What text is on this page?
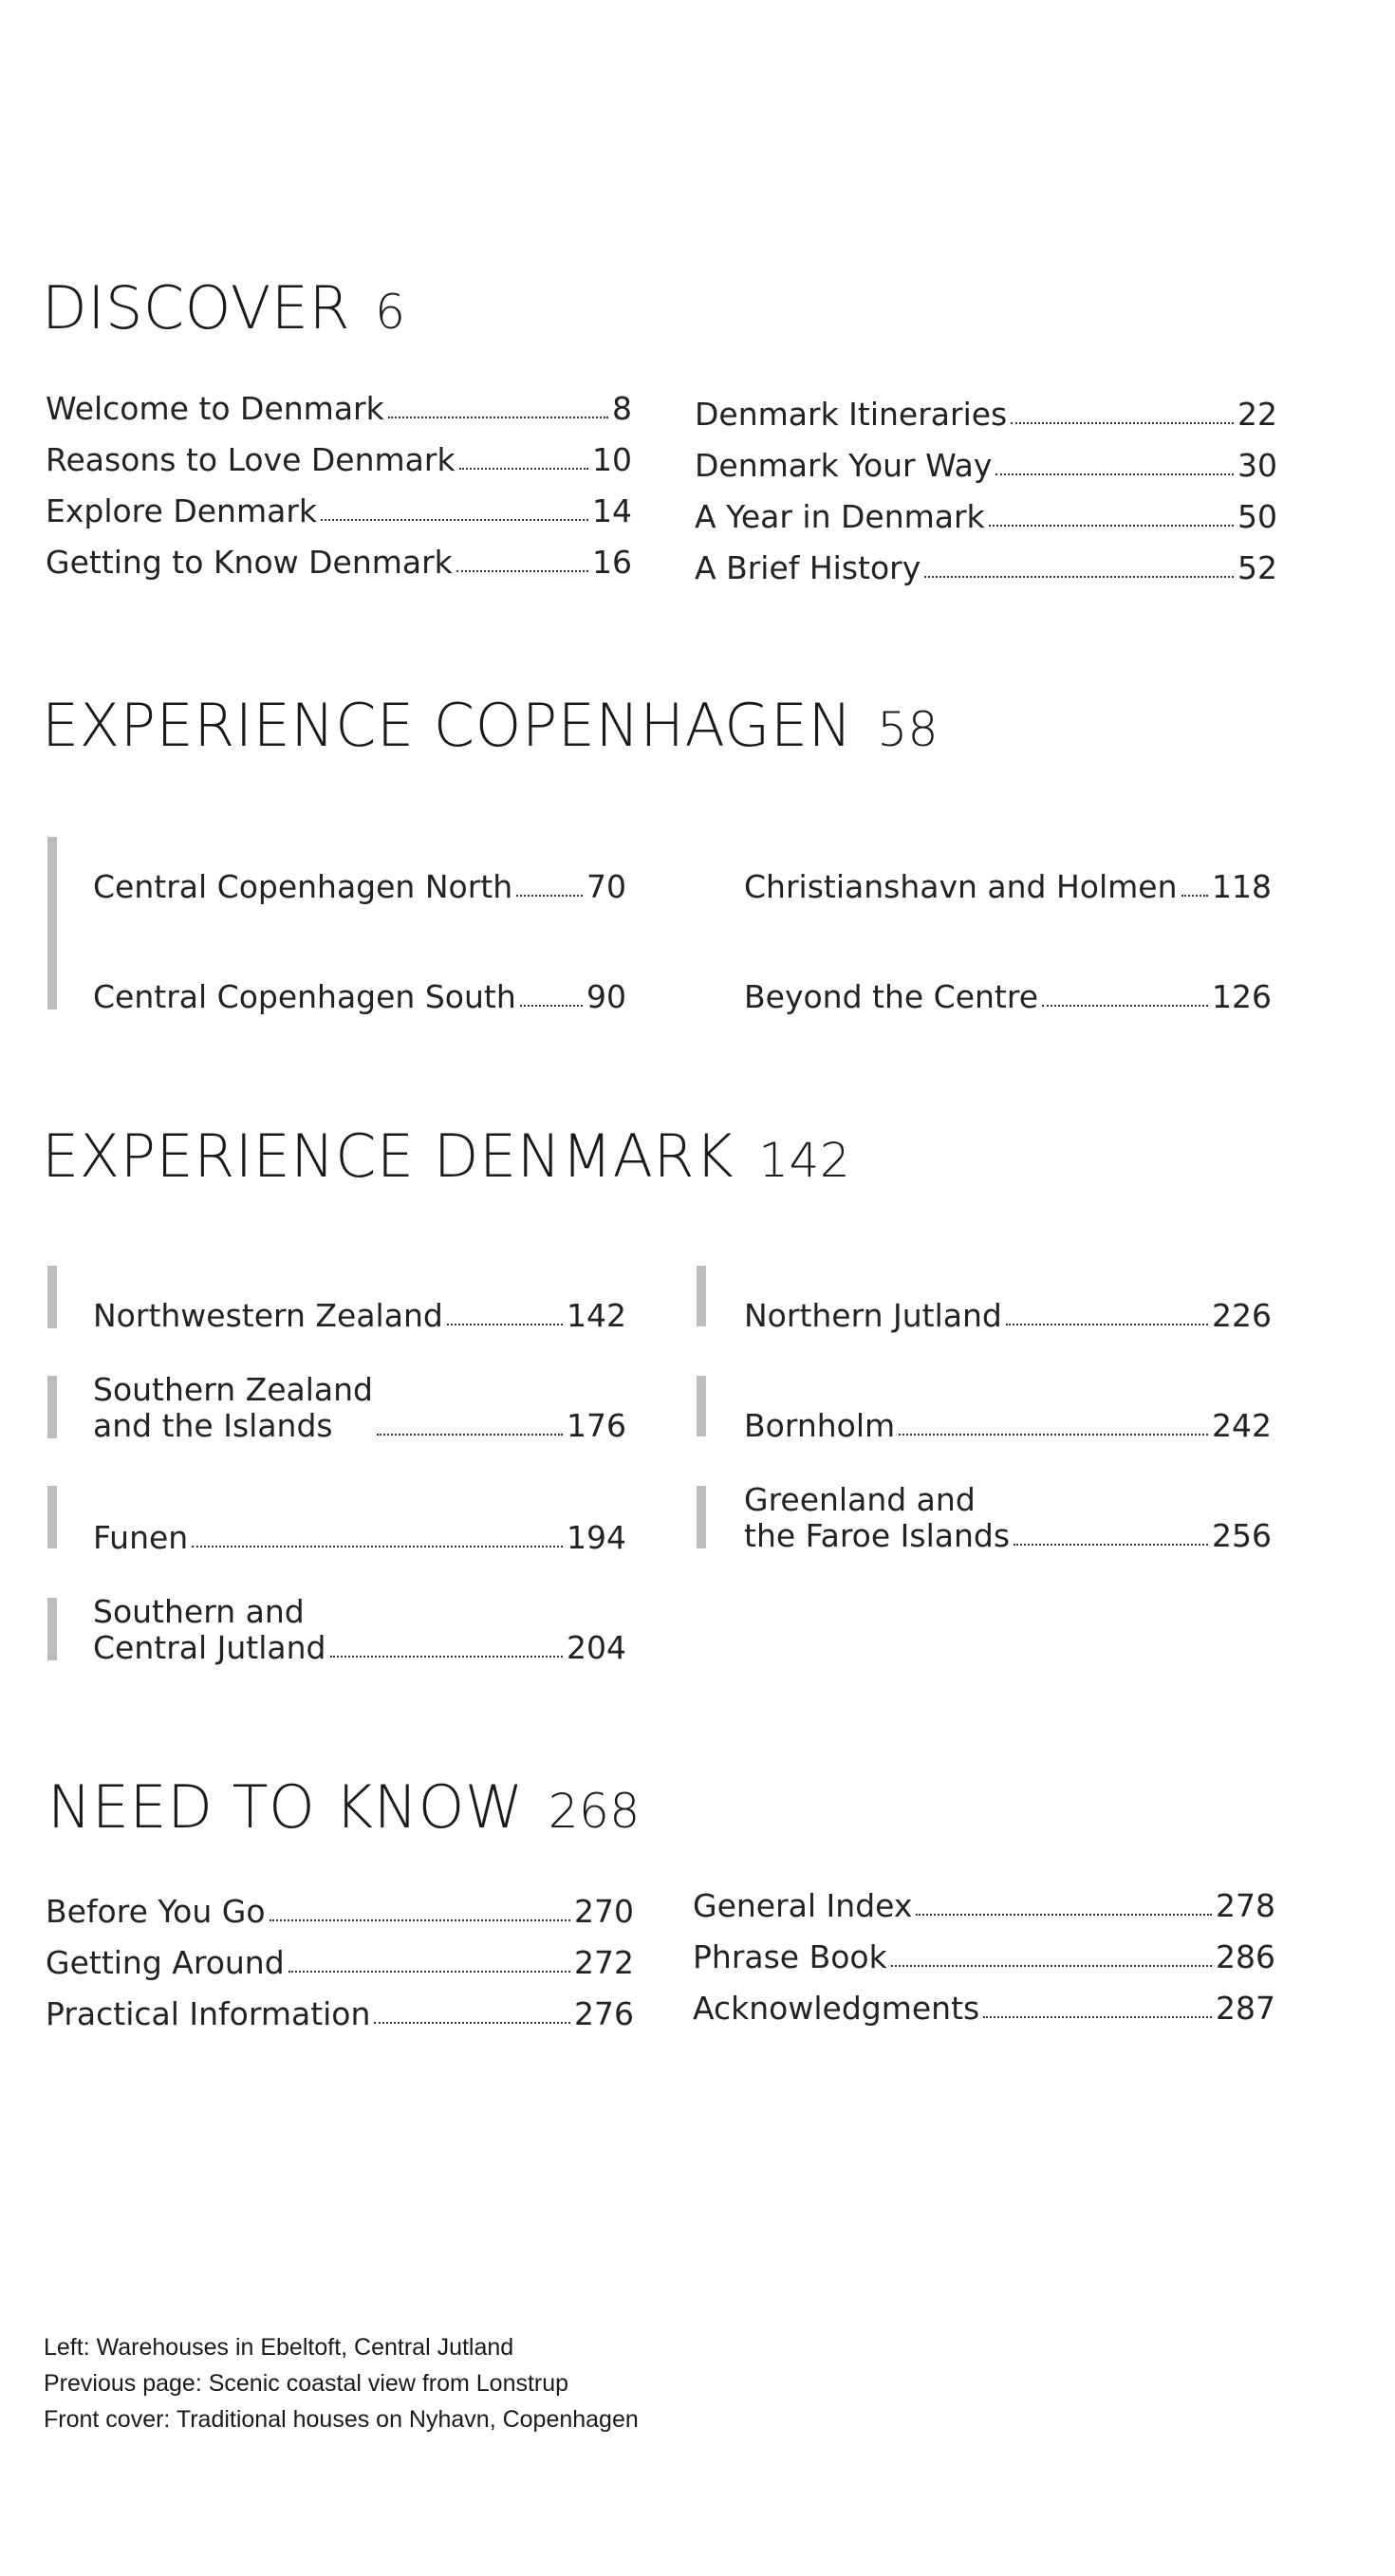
DISCOVER 6
Welcome to Denmark	8
Reasons to Love Denmark	10
Explore Denmark	14
Getting to Know Denmark	16
Denmark Itineraries	22
Denmark Your Way	30
A Year in Denmark	50
A Brief History	52
EXPERIENCE COPENHAGEN 58
Central Copenhagen North 70	Christianshavn and Holmen 118
Central Copenhagen South 90	Beyond the Centre	126
EXPERIENCE DENMARK 142
Northwestern Zealand	142
Southern Zealand
and the Islands	176
Funen	194
Southern and
Central Jutland	204
Northern Jutland	226
Bornholm	242
Greenland and
the Faroe Islands	256
NEED TO KNOW 268
Before You Go	270
Getting Around	272
Practical Information	276
General Index	278
Phrase Book	286
Acknowledgments	287
Left: Warehouses in Ebeltoft, Central Jutland
Previous page: Scenic coastal view from Lonstrup
Front cover: Traditional houses on Nyhavn, Copenhagen
